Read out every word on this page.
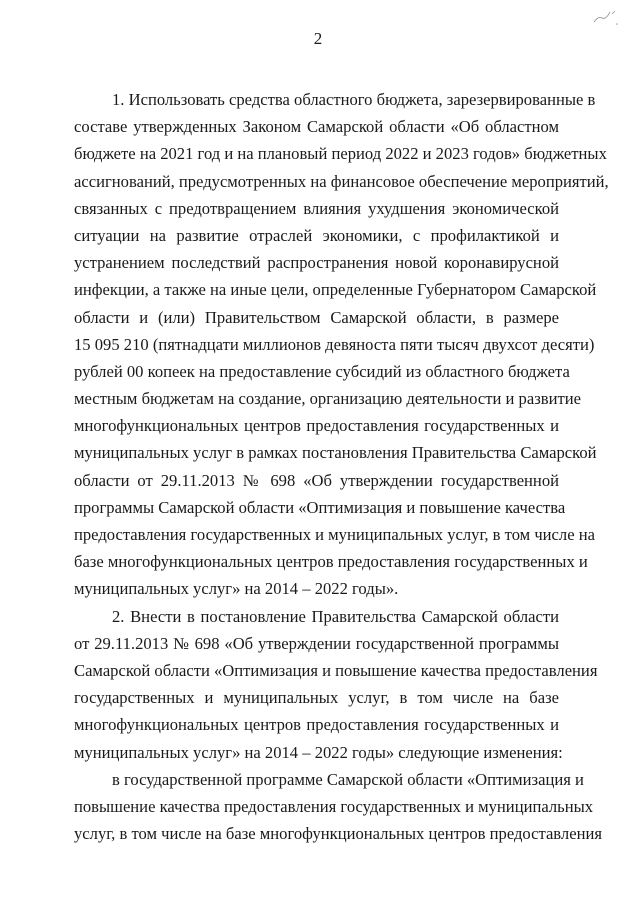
2
1. Использовать средства областного бюджета, зарезервированные в
составе утвержденных Законом Самарской области «Об областном
бюджете на 2021 год и на плановый период 2022 и 2023 годов» бюджетных
ассигнований, предусмотренных на финансовое обеспечение мероприятий,
связанных с предотвращением влияния ухудшения экономической
ситуации на развитие отраслей экономики, с профилактикой и
устранением последствий распространения новой коронавирусной
инфекции, а также на иные цели, определенные Губернатором Самарской
области и (или) Правительством Самарской области, в размере
15 095 210 (пятнадцати миллионов девяноста пяти тысяч двухсот десяти)
рублей 00 копеек на предоставление субсидий из областного бюджета
местным бюджетам на создание, организацию деятельности и развитие
многофункциональных центров предоставления государственных и
муниципальных услуг в рамках постановления Правительства Самарской
области от 29.11.2013 № 698 «Об утверждении государственной
программы Самарской области «Оптимизация и повышение качества
предоставления государственных и муниципальных услуг, в том числе на
базе многофункциональных центров предоставления государственных и
муниципальных услуг» на 2014 – 2022 годы».
2. Внести в постановление Правительства Самарской области
от 29.11.2013 № 698 «Об утверждении государственной программы
Самарской области «Оптимизация и повышение качества предоставления
государственных и муниципальных услуг, в том числе на базе
многофункциональных центров предоставления государственных и
муниципальных услуг» на 2014 – 2022 годы» следующие изменения:
в государственной программе Самарской области «Оптимизация и
повышение качества предоставления государственных и муниципальных
услуг, в том числе на базе многофункциональных центров предоставления
